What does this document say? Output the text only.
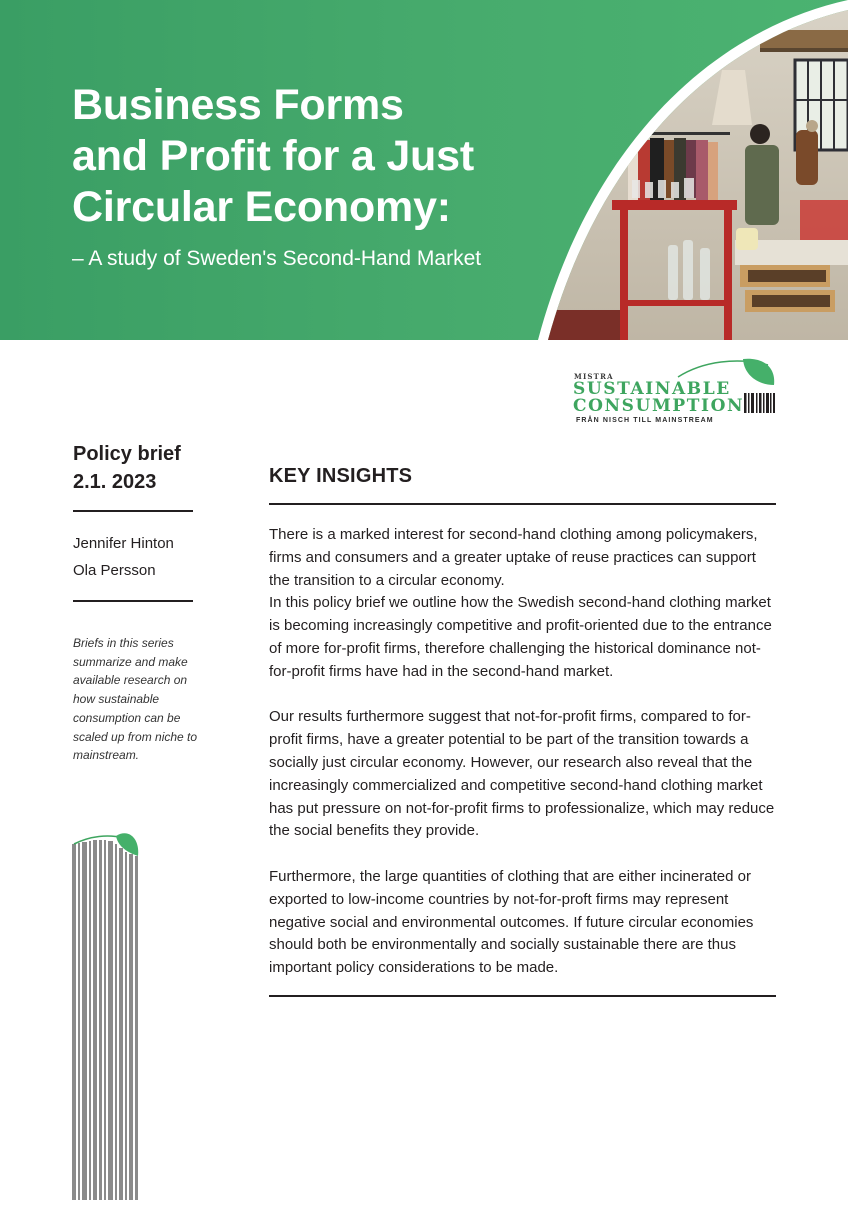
Business Forms
and Profit for a Just
Circular Economy:
– A study of Sweden's Second-Hand Market
MISTRA
SUSTAINABLE
CONSUMPTION
FRÅN NISCH TILL MAINSTREAM

Policy brief

2.1. 2023

Jennifer Hinton
Ola Persson
Briefs in this series summarize and make available research on how sustainable consumption can be scaled up from niche to mainstream.
KEY INSIGHTS

There is a marked interest for second-hand clothing among policymakers, firms and consumers and a greater uptake of reuse practices can support the transition to a circular economy.

In this policy brief we outline how the Swedish second-hand clothing market is becoming increasingly competitive and profit-oriented due to the entrance of more for-profit firms, therefore challenging the historical dominance not-for-profit firms have had in the second-hand market.

Our results furthermore suggest that not-for-profit firms, compared to for-profit firms, have a greater potential to be part of the transition towards a socially just circular economy. However, our research also reveal that the increasingly commercialized and competitive second-hand clothing market has put pressure on not-for-profit firms to professionalize, which may reduce the social benefits they provide.

Furthermore, the large quantities of clothing that are either incinerated or exported to low-income countries by not-for-proft firms may represent negative social and environmental outcomes. If future circular economies should both be environmentally and socially sustainable there are thus important policy considerations to be made.
